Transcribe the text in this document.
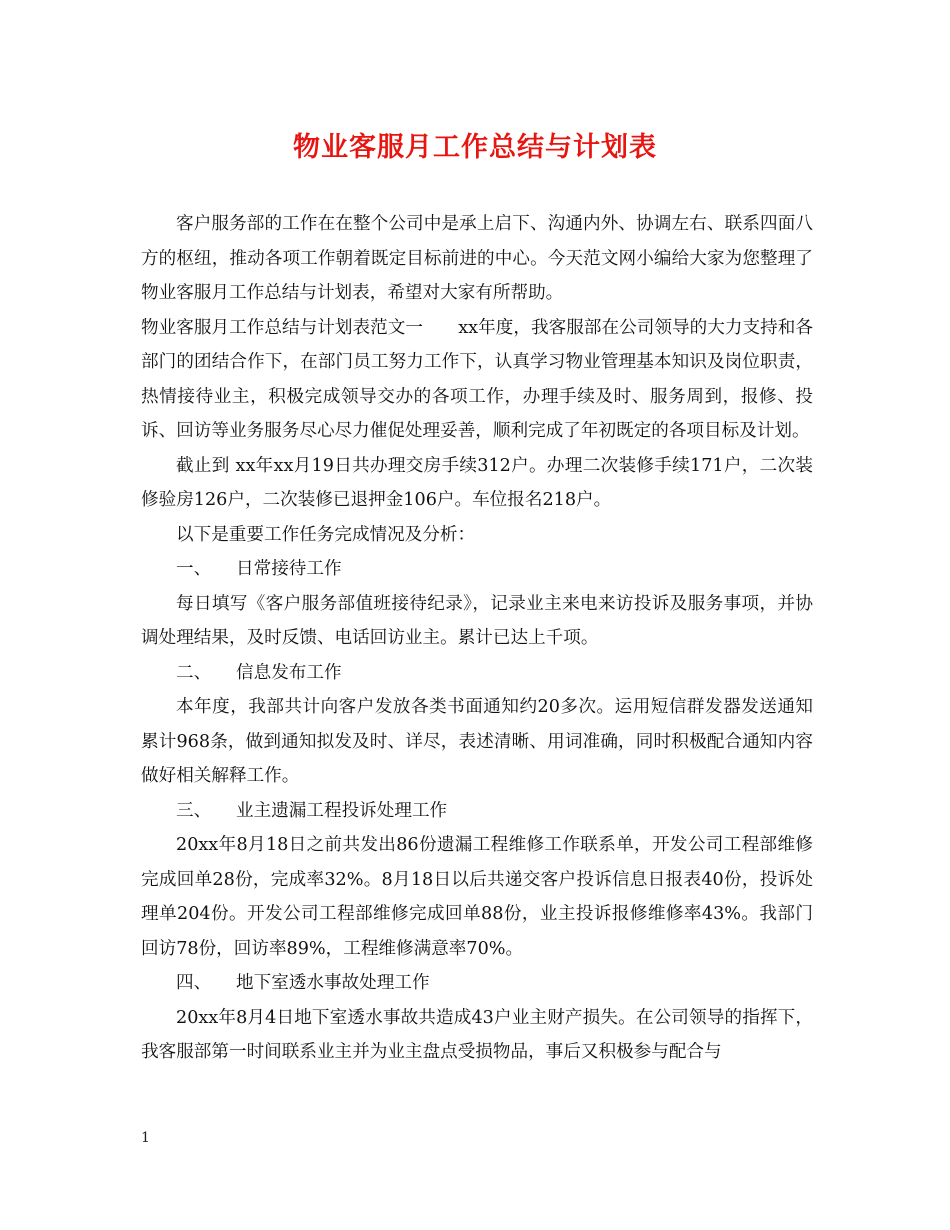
物业客服月工作总结与计划表

客户服务部的工作在在整个公司中是承上启下、沟通内外、协调左右、联系四面八方的枢纽，推动各项工作朝着既定目标前进的中心。今天范文网小编给大家为您整理了物业客服月工作总结与计划表，希望对大家有所帮助。

物业客服月工作总结与计划表范文一　　xx年度，我客服部在公司领导的大力支持和各部门的团结合作下，在部门员工努力工作下，认真学习物业管理基本知识及岗位职责，热情接待业主，积极完成领导交办的各项工作，办理手续及时、服务周到，报修、投诉、回访等业务服务尽心尽力催促处理妥善，顺利完成了年初既定的各项目标及计划。

截止到 xx年xx月19日共办理交房手续312户。办理二次装修手续171户，二次装修验房126户，二次装修已退押金106户。车位报名218户。

以下是重要工作任务完成情况及分析：

一、 日常接待工作

每日填写《客户服务部值班接待纪录》，记录业主来电来访投诉及服务事项，并协调处理结果，及时反馈、电话回访业主。累计已达上千项。

二、 信息发布工作

本年度，我部共计向客户发放各类书面通知约20多次。运用短信群发器发送通知累计968条，做到通知拟发及时、详尽，表述清晰、用词准确，同时积极配合通知内容做好相关解释工作。

三、 业主遗漏工程投诉处理工作

20xx年8月18日之前共发出86份遗漏工程维修工作联系单，开发公司工程部维修完成回单28份，完成率32%。8月18日以后共递交客户投诉信息日报表40份，投诉处理单204份。开发公司工程部维修完成回单88份，业主投诉报修维修率43%。我部门回访78份，回访率89%，工程维修满意率70%。

四、 地下室透水事故处理工作

20xx年8月4日地下室透水事故共造成43户业主财产损失。在公司领导的指挥下，我客服部第一时间联系业主并为业主盘点受损物品，事后又积极参与配合与

1
